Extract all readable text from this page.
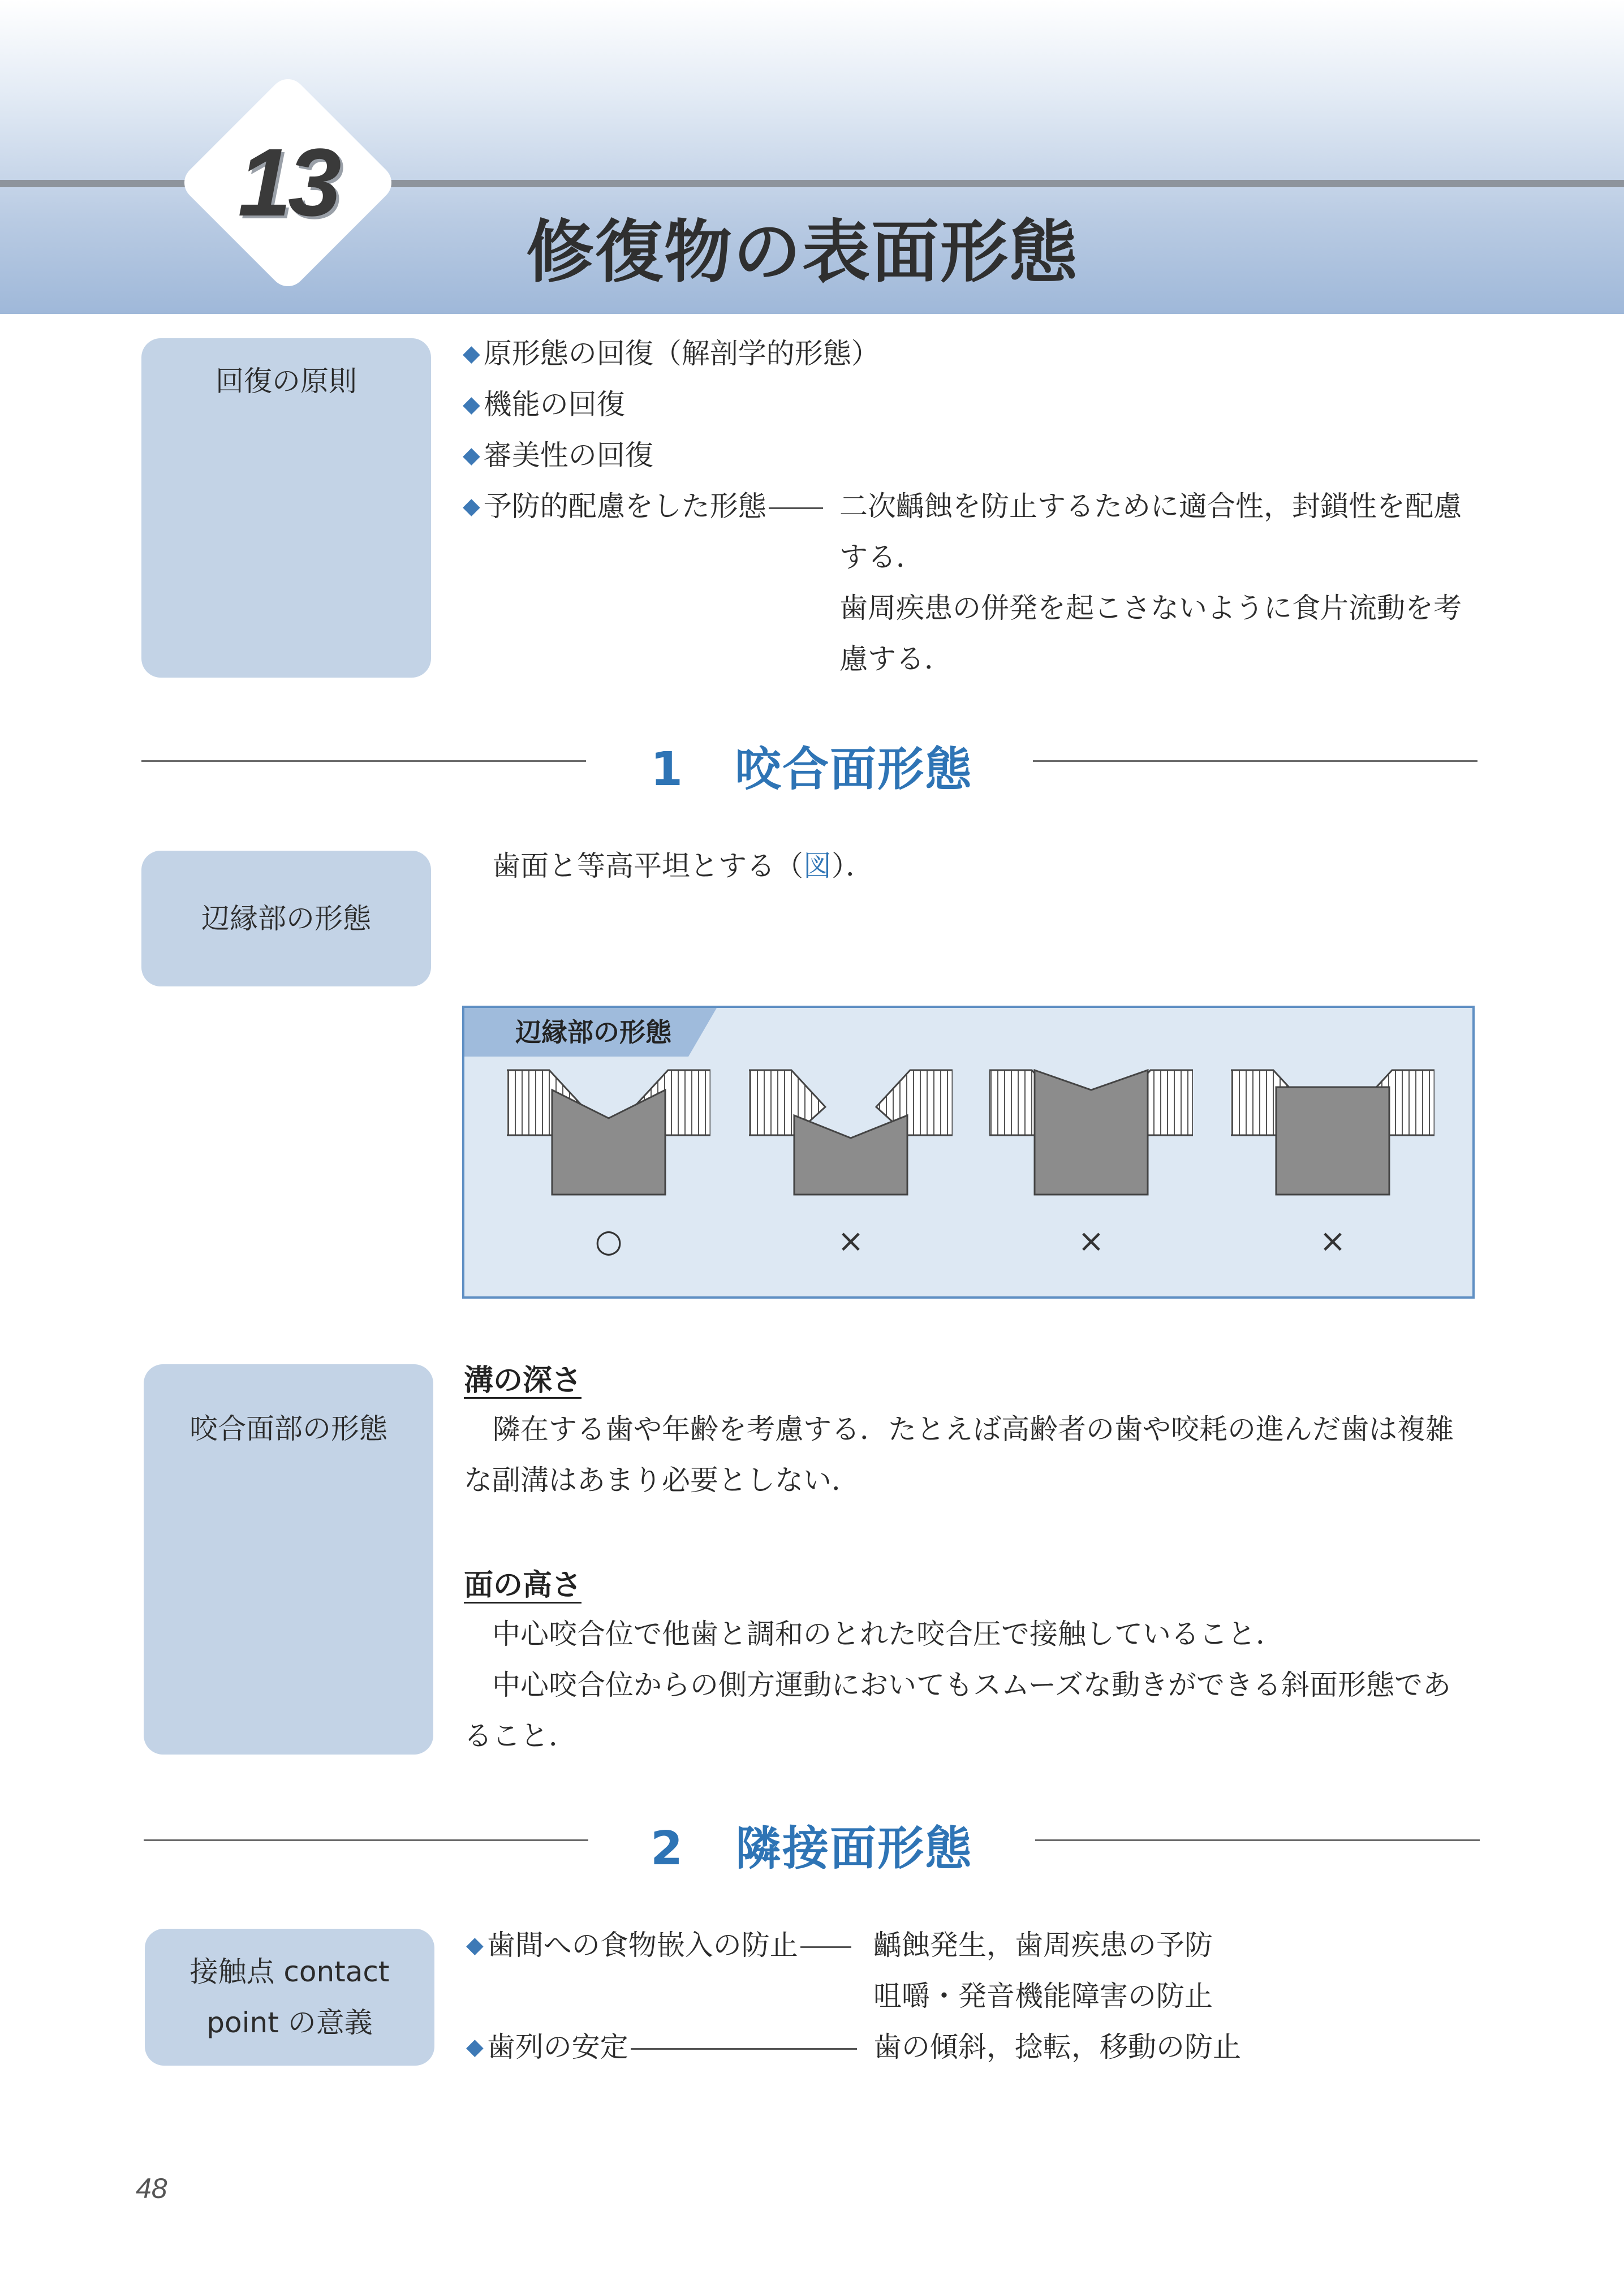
13
修復物の表面形態
回復の原則
◆ 原形態の回復（解剖学的形態）
◆ 機能の回復
◆ 審美性の回復
◆ 予防的配慮をした形態	二次齲蝕を防止するために適合性，封鎖性を配慮
する．
歯周疾患の併発を起こさないように食片流動を考
慮する．
1 咬合面形態
辺縁部の形態
歯面と等高平坦とする（図）．
辺縁部の形態
○	×	×	×
咬合面部の形態
溝の深さ
隣在する歯や年齢を考慮する．たとえば高齢者の歯や咬耗の進んだ歯は複雑
な副溝はあまり必要としない．
面の高さ
中心咬合位で他歯と調和のとれた咬合圧で接触していること．
中心咬合位からの側方運動においてもスムーズな動きができる斜面形態であ
ること．
2 隣接面形態
接触点 contact
point の意義
◆ 歯間への食物嵌入の防止	齲蝕発生，歯周疾患の予防
咀嚼・発音機能障害の防止
◆ 歯列の安定	歯の傾斜，捻転，移動の防止
48
